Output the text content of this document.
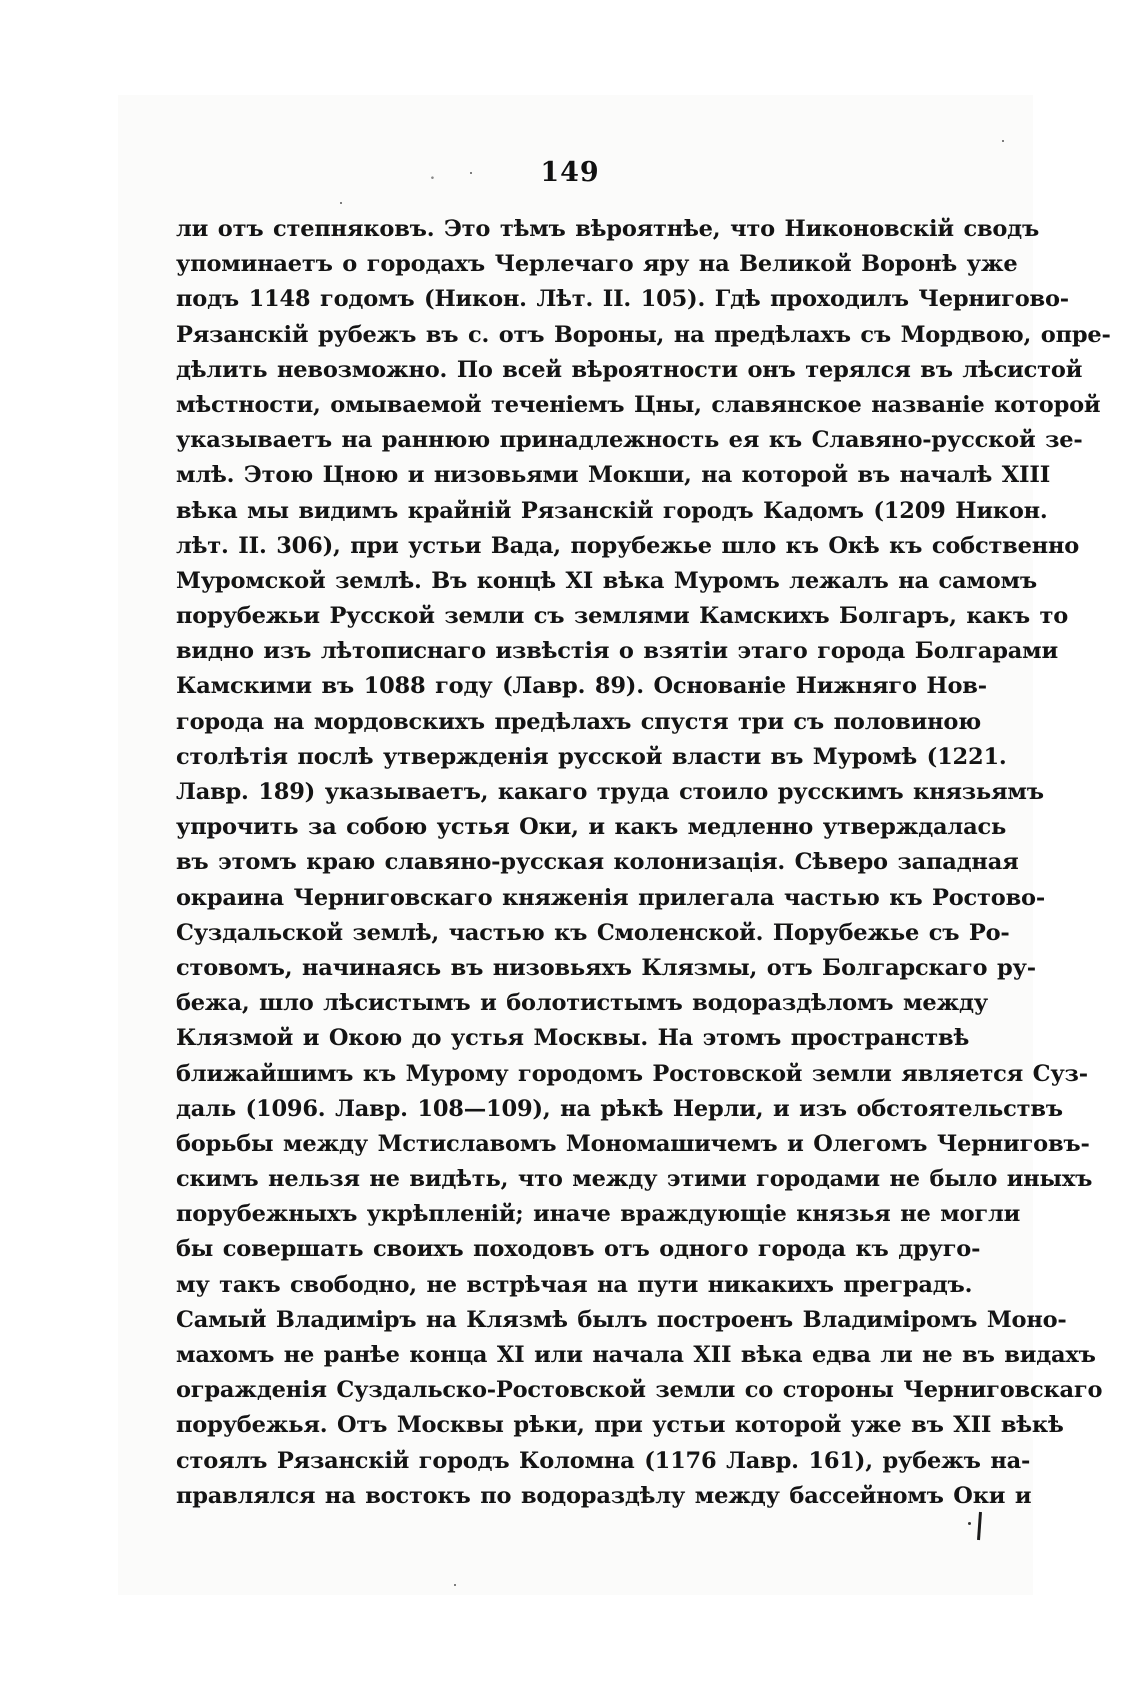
.	149
ли отъ степняковъ. Это тѣмъ вѣроятнѣе, что Никоновскій сводъ
упоминаетъ о городахъ Черлечаго яру на Великой Воронѣ уже
подъ 1148 годомъ (Никон. Лѣт. II. 105). Гдѣ проходилъ Черниговo-
Рязанскій рубежъ въ с. отъ Вороны, на предѣлахъ съ Мордвою, опре-
дѣлить невозможно. По всей вѣроятности онъ терялся въ лѣсистой
мѣстности, омываемой теченіемъ Цны, славянское названіе которой
указываетъ на раннюю принадлежность ея къ Славяно-русской зе-
млѣ. Этою Цною и низовьями Мокши, на которой въ началѣ XIII
вѣка мы видимъ крайній Рязанскій городъ Кадомъ (1209 Никон.
лѣт. II. 306), при устьи Вада, порубежье шло къ Окѣ къ собственно
Муромской землѣ. Въ концѣ XI вѣка Муромъ лежалъ на самомъ
порубежьи Русской земли съ землями Камскихъ Болгаръ, какъ то
видно изъ лѣтописнаго извѣстія о взятіи этаго города Болгарами
Камскими въ 1088 году (Лавр. 89). Основаніе Нижняго Нов-
города на мордовскихъ предѣлахъ спустя три съ половиною
столѣтія послѣ утвержденія русской власти въ Муромѣ (1221.
Лавр. 189) указываетъ, какаго труда стоило русскимъ князьямъ
упрочить за собою устья Оки, и какъ медленно утверждалась
въ этомъ краю славяно-русская колонизація. Сѣверо западная
окраина Черниговскаго княженія прилегала частью къ Ростово-
Суздальской землѣ, частью къ Смоленской. Порубежье съ Ро-
стовомъ, начинаясь въ низовьяхъ Клязмы, отъ Болгарскаго ру-
бежа, шло лѣсистымъ и болотистымъ водораздѣломъ между
Клязмой и Окою до устья Москвы. На этомъ пространствѣ
ближайшимъ къ Мурому городомъ Ростовской земли является Суз-
даль (1096. Лавр. 108—109), на рѣкѣ Нерли, и изъ обстоятельствъ
борьбы между Мстиславомъ Мономашичемъ и Олегомъ Черниговъ-
скимъ нельзя не видѣть, что между этими городами не было иныхъ
порубежныхъ укрѣпленій; иначе враждующіе князья не могли
бы совершать своихъ походовъ отъ одного города къ друго-
му такъ свободно, не встрѣчая на пути никакихъ преградъ.
Самый Владиміръ на Клязмѣ былъ построенъ Владиміромъ Моно-
махомъ не ранѣе конца XI или начала XII вѣка едва ли не въ видахъ
огражденія Суздальско-Ростовской земли со стороны Черниговскаго
порубежья. Отъ Москвы рѣки, при устьи которой уже въ XII вѣкѣ
стоялъ Рязанскій городъ Коломна (1176 Лавр. 161), рубежъ на-
правлялся на востокъ по водораздѣлу между бассейномъ Оки и
